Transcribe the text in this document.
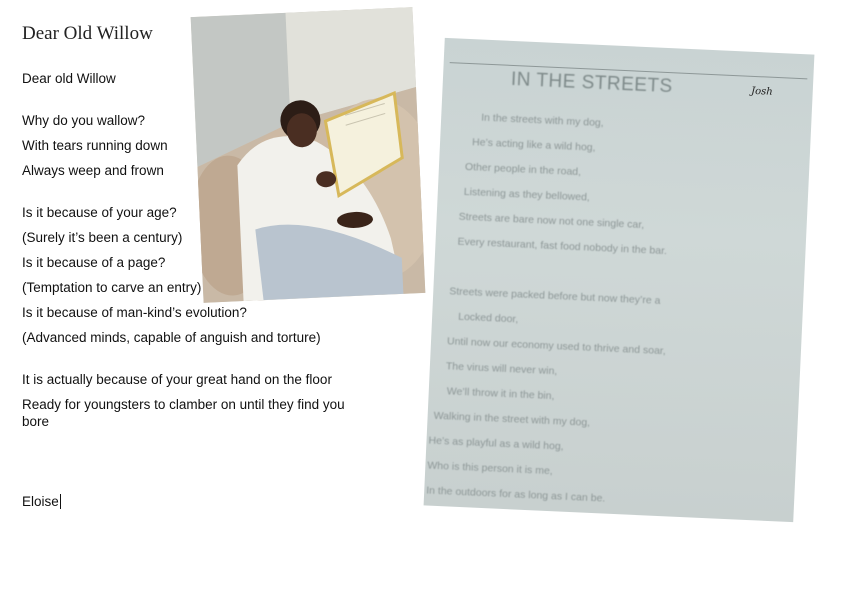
Dear Old Willow

Dear old Willow

Why do you wallow?

With tears running down

Always weep and frown

Is it because of your age?

(Surely it’s been a century)

Is it because of a page?

(Temptation to carve an entry)

Is it because of man-kind’s evolution?

(Advanced minds, capable of anguish and torture)

It is actually because of your great hand on the floor

Ready for youngsters to clamber on until they find you bore

Eloise
IN THE STREETS	Josh
In the streets with my dog,
He’s acting like a wild hog,
Other people in the road,
Listening as they bellowed,
Streets are bare now not one single car,
Every restaurant, fast food nobody in the bar.
Streets were packed before but now they’re a
Locked door,
Until now our economy used to thrive and soar,
The virus will never win,
We’ll throw it in the bin,
Walking in the street with my dog,
He’s as playful as a wild hog,
Who is this person it is me,
In the outdoors for as long as I can be.
